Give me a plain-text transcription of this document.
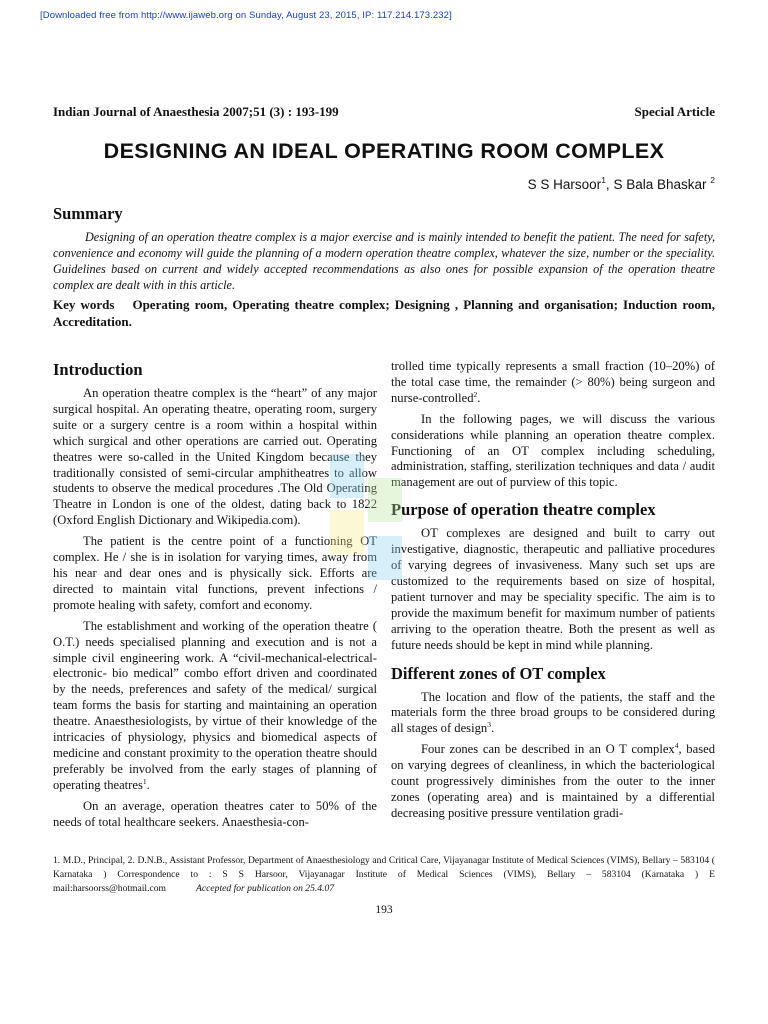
[Downloaded free from http://www.ijaweb.org on Sunday, August 23, 2015, IP: 117.214.173.232]
Indian Journal of Anaesthesia 2007;51 (3) : 193-199	Special Article
DESIGNING AN IDEAL OPERATING ROOM COMPLEX
S S Harsoor$^1$, S Bala Bhaskar $^2$
Summary

Designing of an operation theatre complex is a major exercise and is mainly intended to benefit the patient. The need for safety, convenience and economy will guide the planning of a modern operation theatre complex, whatever the size, number or the speciality. Guidelines based on current and widely accepted recommendations as also ones for possible expansion of the operation theatre complex are dealt with in this article.

Key words Operating room, Operating theatre complex; Designing , Planning and organisation; Induction room, Accreditation.
Introduction

An operation theatre complex is the “heart” of any major surgical hospital. An operating theatre, operating room, surgery suite or a surgery centre is a room within a hospital within which surgical and other operations are carried out. Operating theatres were so-called in the United Kingdom because they traditionally consisted of semi-circular amphitheatres to allow students to observe the medical procedures .The Old Operating Theatre in London is one of the oldest, dating back to 1822 (Oxford English Dictionary and Wikipedia.com).

The patient is the centre point of a functioning OT complex. He / she is in isolation for varying times, away from his near and dear ones and is physically sick. Efforts are directed to maintain vital functions, prevent infections / promote healing with safety, comfort and economy.

The establishment and working of the operation theatre ( O.T.) needs specialised planning and execution and is not a simple civil engineering work. A “civil-mechanical-electrical-electronic- bio medical” combo effort driven and coordinated by the needs, preferences and safety of the medical/ surgical team forms the basis for starting and maintaining an operation theatre. Anaesthesiologists, by virtue of their knowledge of the intricacies of physiology, physics and biomedical aspects of medicine and constant proximity to the operation theatre should preferably be involved from the early stages of planning of operating theatres$^1$.

On an average, operation theatres cater to 50% of the needs of total healthcare seekers. Anaesthesia-con-

trolled time typically represents a small fraction (10–20%) of the total case time, the remainder (> 80%) being surgeon and nurse-controlled$^2$.

In the following pages, we will discuss the various considerations while planning an operation theatre complex. Functioning of an OT complex including scheduling, administration, staffing, sterilization techniques and data / audit management are out of purview of this topic.

Purpose of operation theatre complex

OT complexes are designed and built to carry out investigative, diagnostic, therapeutic and palliative procedures of varying degrees of invasiveness. Many such set ups are customized to the requirements based on size of hospital, patient turnover and may be speciality specific. The aim is to provide the maximum benefit for maximum number of patients arriving to the operation theatre. Both the present as well as future needs should be kept in mind while planning.

Different zones of OT complex

The location and flow of the patients, the staff and the materials form the three broad groups to be considered during all stages of design$^3$.

Four zones can be described in an O T complex$^4$, based on varying degrees of cleanliness, in which the bacteriological count progressively diminishes from the outer to the inner zones (operating area) and is maintained by a differential decreasing positive pressure ventilation gradi-

1. M.D., Principal, 2. D.N.B., Assistant Professor, Department of Anaesthesiology and Critical Care, Vijayanagar Institute of Medical Sciences (VIMS), Bellary – 583104 ( Karnataka ) Correspondence to : S S Harsoor, Vijayanagar Institute of Medical Sciences (VIMS), Bellary – 583104 (Karnataka ) E mail:harsoorss@hotmail.com	Accepted for publication on 25.4.07
193
